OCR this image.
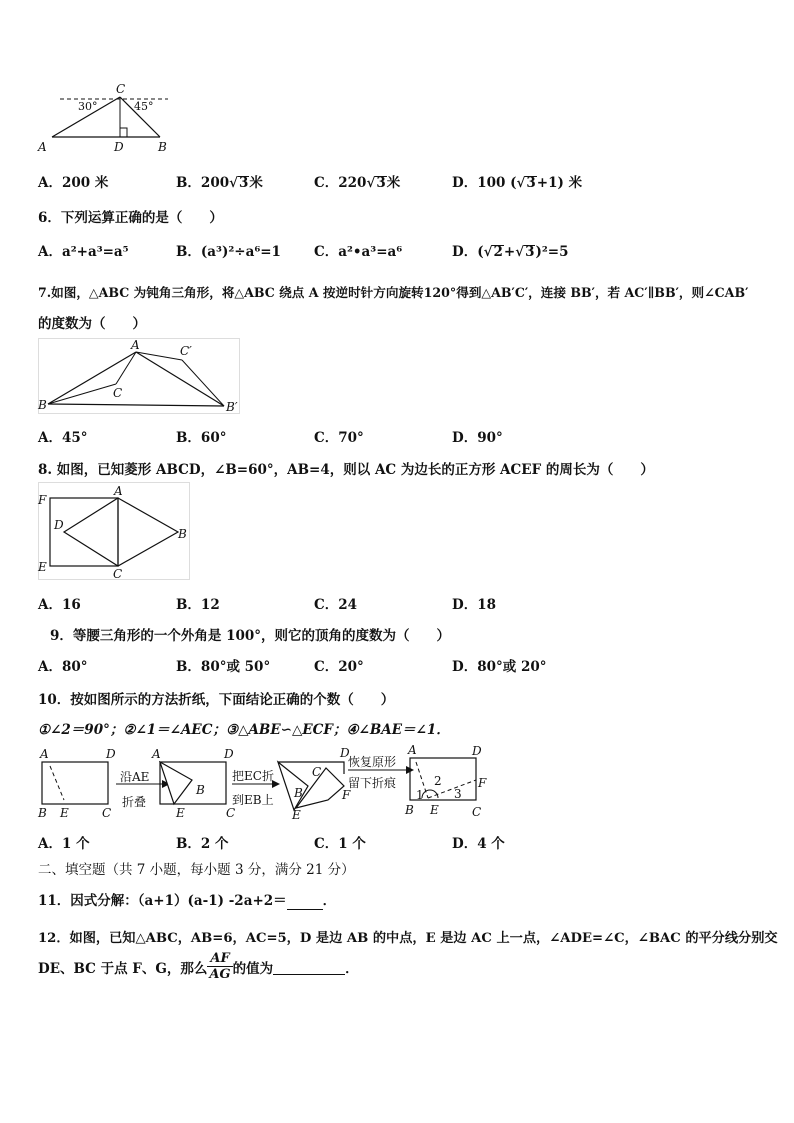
C
A	D	B
30°	45°
A．200 米	B．200√3米	C．220√3米	D．100 (√3+1) 米
6．下列运算正确的是（　　）
A．a²+a³=a⁵	B．(a³)²÷a⁶=1 C．a²•a³=a⁶	D．(√2+√3)²=5
7.如图，△ABC 为钝角三角形，将△ABC 绕点 A 按逆时针方向旋转120°得到△AB′C′，连接 BB′，若 AC′∥BB′，则∠CAB′
的度数为（　　）
A	C′
C
B	B′
A．45°	B．60°	C．70°	D．90°
8. 如图，已知菱形 ABCD，∠B=60°，AB=4，则以 AC 为边长的正方形 ACEF 的周长为（　　）
F
A
D
B
E	C
A．16	B．12	C．24	D．18
9．等腰三角形的一个外角是 100°，则它的顶角的度数为（　　）
A．80°	B．80°或 50°	C．20°	D．80°或 20°
10．按如图所示的方法折纸，下面结论正确的个数（　　）
①∠2＝90°；②∠1＝∠AEC；③△ABE∽△ECF；④∠BAE＝∠1．
A	D
B E	C
沿AE
折叠
A	D
B
E	C
把EC折
到EB上
D
C
B	F
E
恢复原形
留下折痕
A	D
F
B E	C
1
2
3
A．1 个	B．2 个	C．1 个	D．4 个
二、填空题（共 7 小题，每小题 3 分，满分 21 分）
11．因式分解：（a+1）(a-1) -2a+2＝	．
12．如图，已知△ABC，AB=6，AC=5，D 是边 AB 的中点，E 是边 AC 上一点，∠ADE=∠C，∠BAC 的平分线分别交
DE、BC 于点 F、G，那么 $\frac{AF}{AG}$ 的值为
	．
